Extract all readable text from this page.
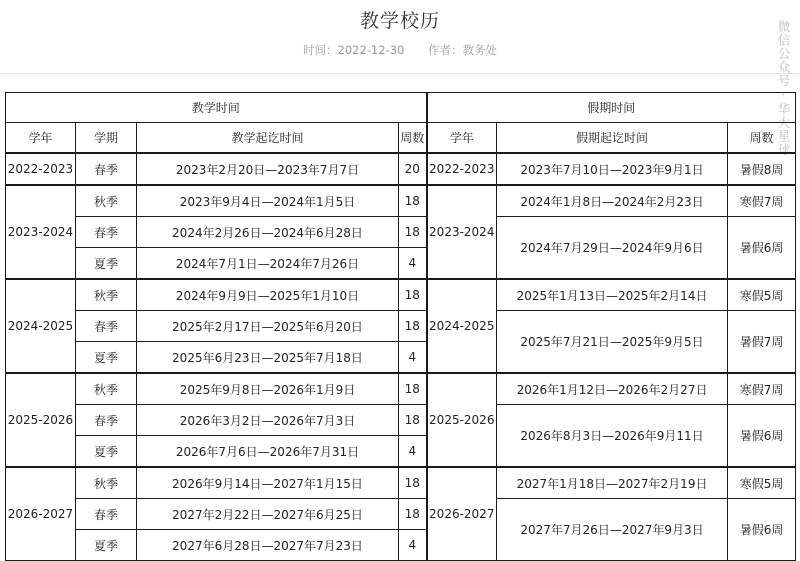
教学校历
时间：2022-12-30 作者：教务处	微信公众号 · 华大星球
教学时间				假期时间		
学年	学期	教学起讫时间	周数	学年	假期起讫时间	周数
2022-2023	春季	2023年2月20日—2023年7月7日	20	2022-2023	2023年7月10日—2023年9月1日	暑假8周
2023-2024	秋季	2023年9月4日—2024年1月5日	18	2023-2024	2024年1月8日—2024年2月23日	寒假7周
	春季	2024年2月26日—2024年6月28日	18		2024年7月29日—2024年9月6日	暑假6周
	夏季	2024年7月1日—2024年7月26日	4			
2024-2025	秋季	2024年9月9日—2025年1月10日	18	2024-2025	2025年1月13日—2025年2月14日	寒假5周
	春季	2025年2月17日—2025年6月20日	18		2025年7月21日—2025年9月5日	暑假7周
	夏季	2025年6月23日—2025年7月18日	4			
2025-2026	秋季	2025年9月8日—2026年1月9日	18	2025-2026	2026年1月12日—2026年2月27日	寒假7周
	春季	2026年3月2日—2026年7月3日	18		2026年8月3日—2026年9月11日	暑假6周
	夏季	2026年7月6日—2026年7月31日	4			
2026-2027	秋季	2026年9月14日—2027年1月15日	18	2026-2027	2027年1月18日—2027年2月19日	寒假5周
	春季	2027年2月22日—2027年6月25日	18		2027年7月26日—2027年9月3日	暑假6周
	夏季	2027年6月28日—2027年7月23日	4			
